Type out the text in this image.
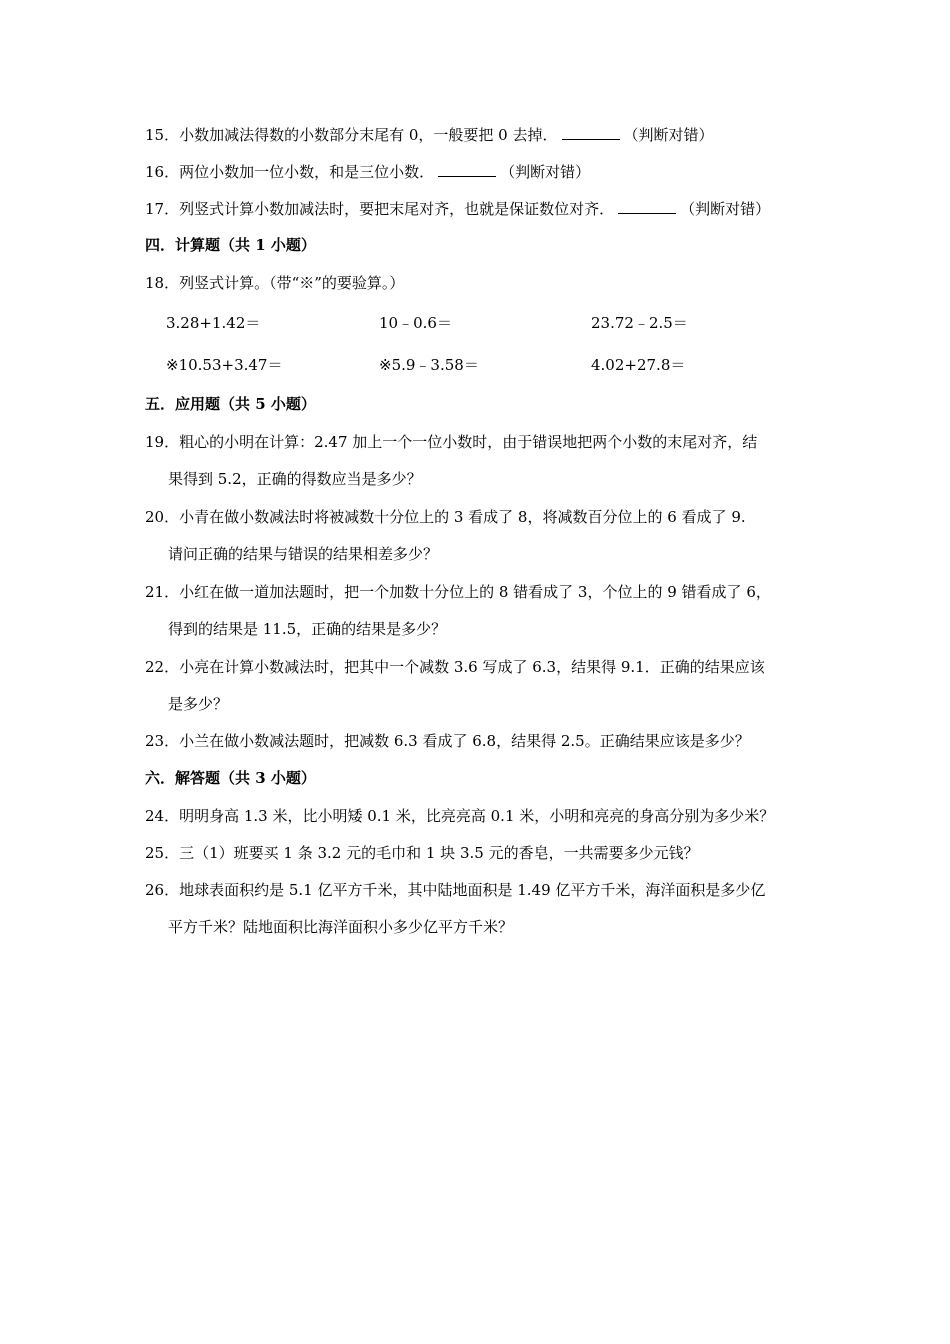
15．小数加减法得数的小数部分末尾有 0，一般要把 0 去掉．	（判断对错）
16．两位小数加一位小数，和是三位小数．	（判断对错）
17．列竖式计算小数加减法时，要把末尾对齐，也就是保证数位对齐．	（判断对错）
四．计算题（共 1 小题）
18．列竖式计算。（带“※”的要验算。）
3.28+1.42＝	10﹣0.6＝	23.72﹣2.5＝
※10.53+3.47＝	※5.9﹣3.58＝	4.02+27.8＝
五．应用题（共 5 小题）
19．粗心的小明在计算：2.47 加上一个一位小数时，由于错误地把两个小数的末尾对齐，结
果得到 5.2，正确的得数应当是多少？
20．小青在做小数减法时将被减数十分位上的 3 看成了 8，将减数百分位上的 6 看成了 9.
请问正确的结果与错误的结果相差多少？
21．小红在做一道加法题时，把一个加数十分位上的 8 错看成了 3，个位上的 9 错看成了 6，
得到的结果是 11.5，正确的结果是多少？
22．小亮在计算小数减法时，把其中一个减数 3.6 写成了 6.3，结果得 9.1．正确的结果应该
是多少？
23．小兰在做小数减法题时，把减数 6.3 看成了 6.8，结果得 2.5。正确结果应该是多少？
六．解答题（共 3 小题）
24．明明身高 1.3 米，比小明矮 0.1 米，比亮亮高 0.1 米，小明和亮亮的身高分别为多少米？
25．三（1）班要买 1 条 3.2 元的毛巾和 1 块 3.5 元的香皂，一共需要多少元钱？
26．地球表面积约是 5.1 亿平方千米，其中陆地面积是 1.49 亿平方千米，海洋面积是多少亿
平方千米？陆地面积比海洋面积小多少亿平方千米？
